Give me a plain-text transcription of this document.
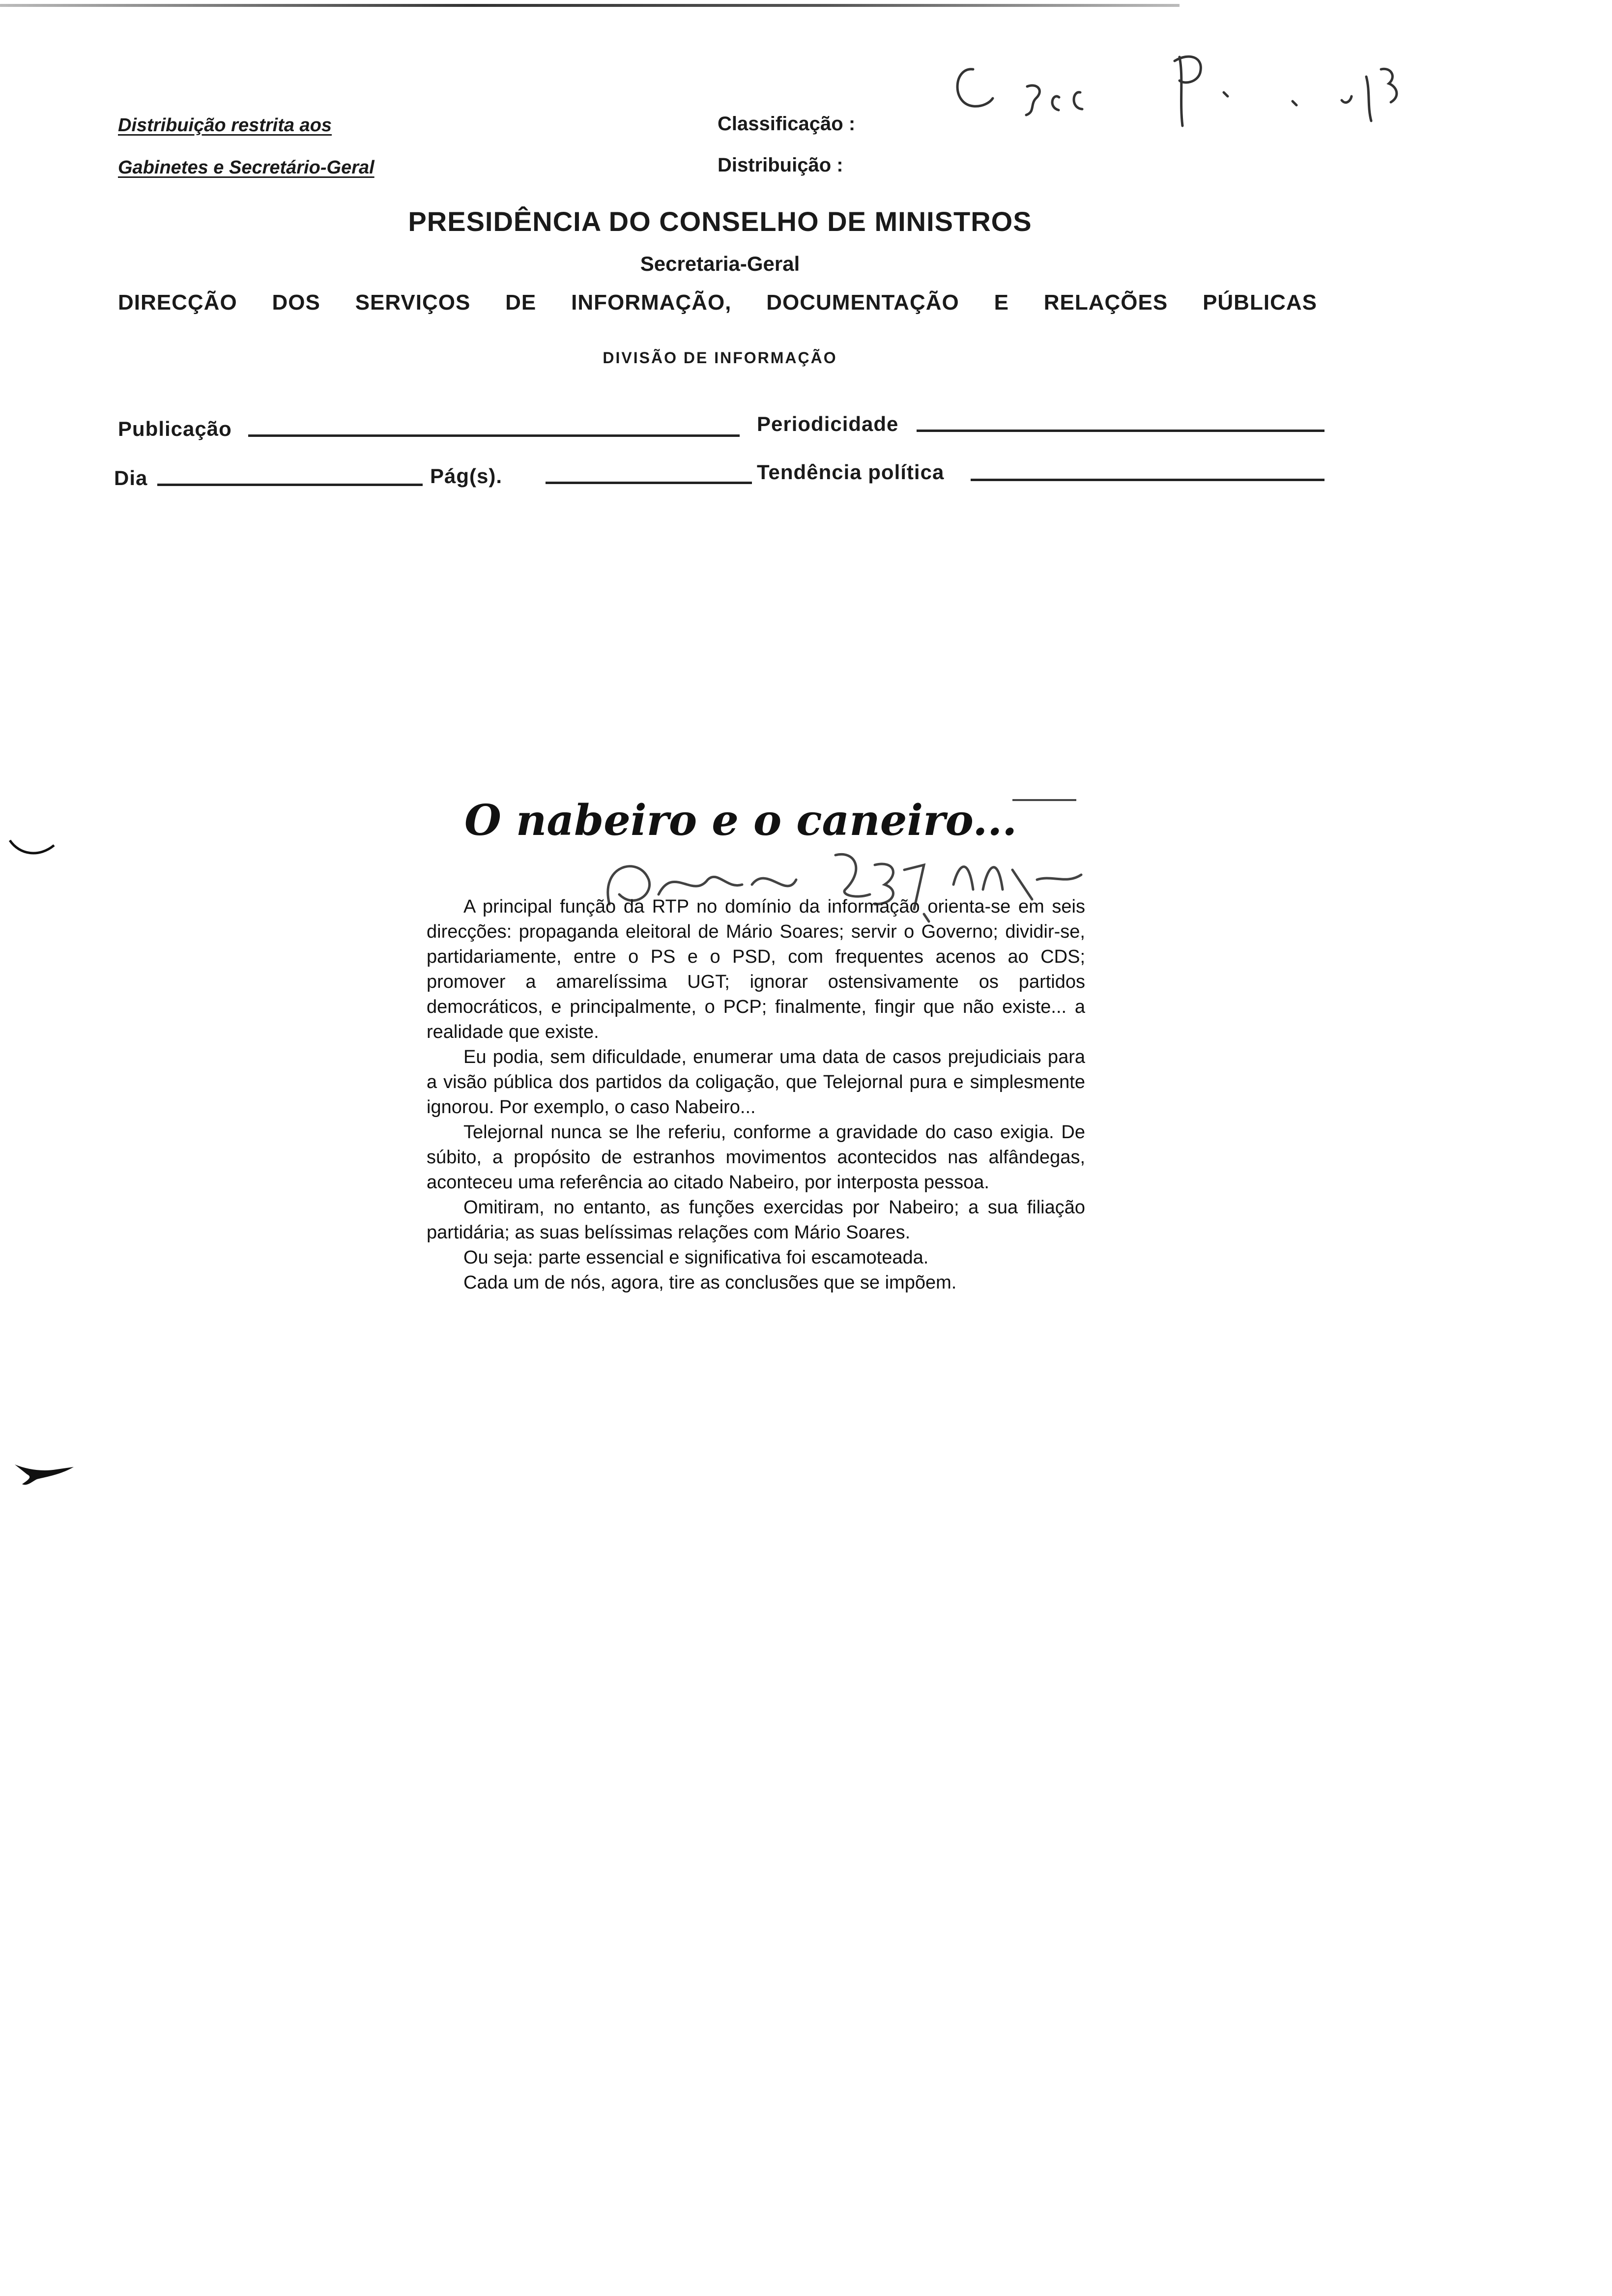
Distribuição restrita aos
Gabinetes e Secretário-Geral
Classificação :
Distribuição :
PRESIDÊNCIA DO CONSELHO DE MINISTROS
Secretaria-Geral
DIRECÇÃO DOS SERVIÇOS DE INFORMAÇÃO, DOCUMENTAÇÃO E RELAÇÕES PÚBLICAS
DIVISÃO DE INFORMAÇÃO
Publicação	Periodicidade
Dia	Pág(s).	Tendência política
O nabeiro e o caneiro...

A principal função da RTP no domínio da informação orienta-se em seis direcções: propaganda eleitoral de Mário Soares; servir o Governo; dividir-se, partidariamente, entre o PS e o PSD, com frequentes acenos ao CDS; promover a amarelíssima UGT; ignorar ostensivamente os partidos democráticos, e principalmente, o PCP; finalmente, fingir que não existe... a realidade que existe.

Eu podia, sem dificuldade, enumerar uma data de casos prejudiciais para a visão pública dos partidos da coligação, que Telejornal pura e simplesmente ignorou. Por exemplo, o caso Nabeiro...

Telejornal nunca se lhe referiu, conforme a gravidade do caso exigia. De súbito, a propósito de estranhos movimentos acontecidos nas alfândegas, aconteceu uma referência ao citado Nabeiro, por interposta pessoa.

Omitiram, no entanto, as funções exercidas por Nabeiro; a sua filiação partidária; as suas belíssimas relações com Mário Soares.

Ou seja: parte essencial e significativa foi escamoteada.

Cada um de nós, agora, tire as conclusões que se impõem.
